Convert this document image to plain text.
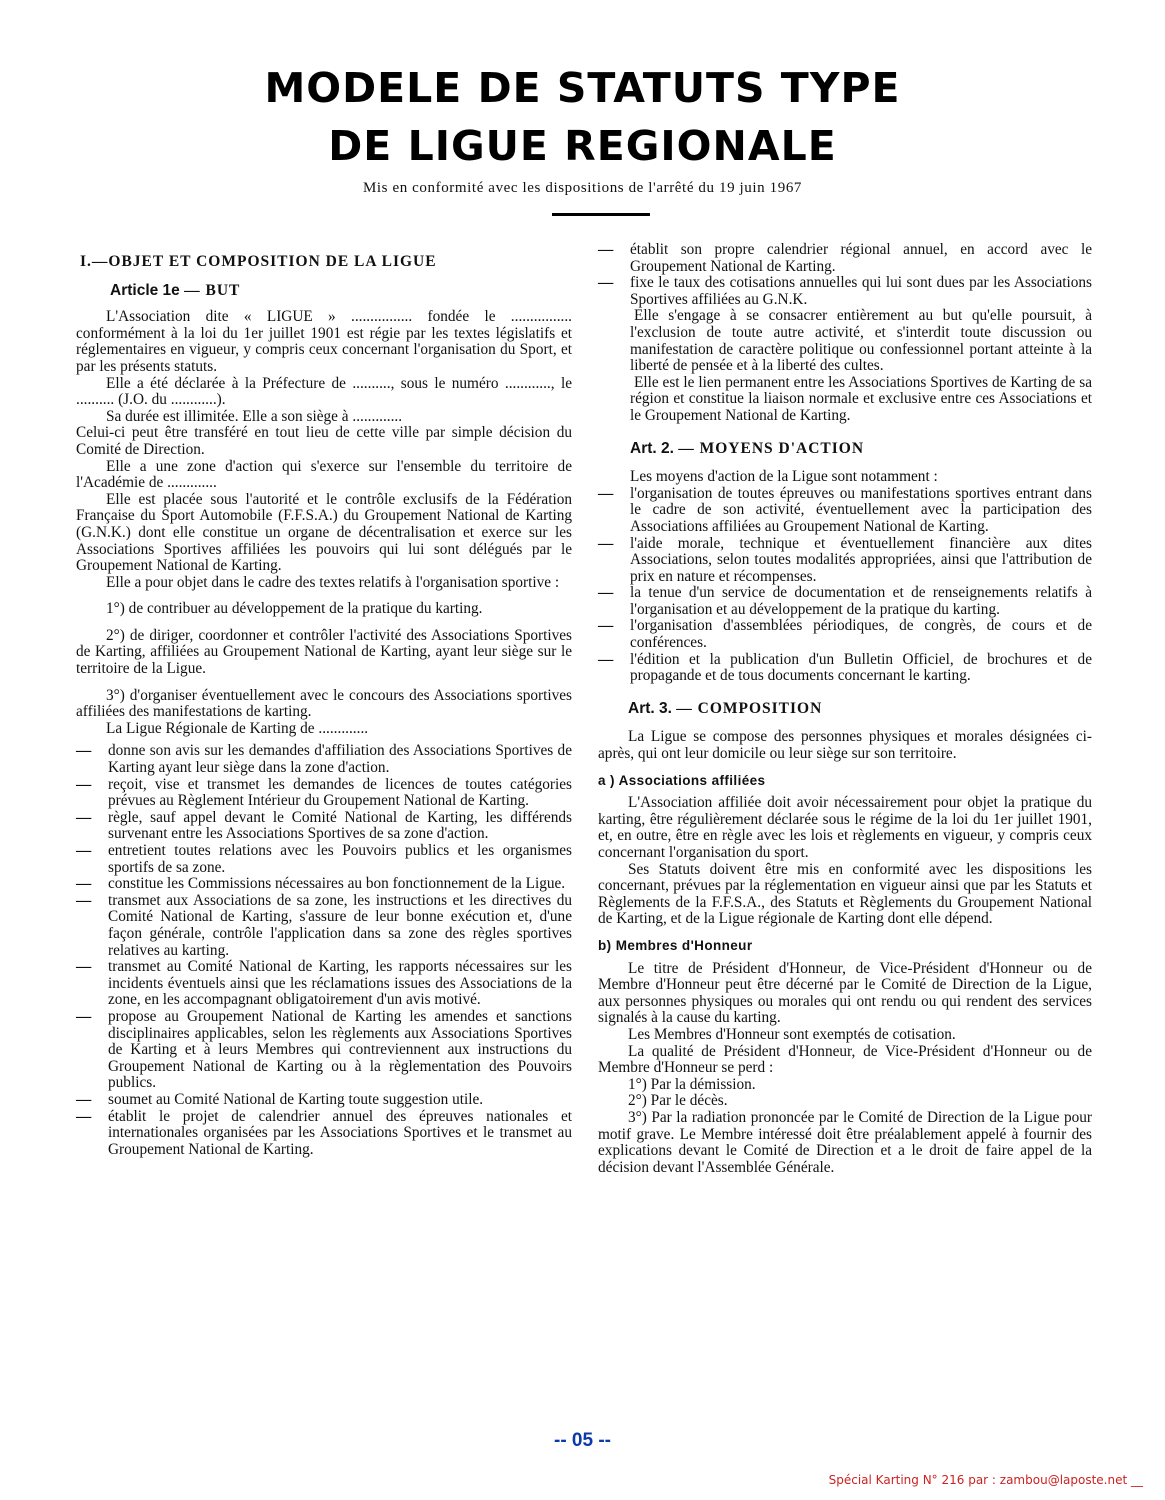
MODELE DE STATUTS TYPE
DE LIGUE REGIONALE
Mis en conformité avec les dispositions de l'arrêté du 19 juin 1967

I.—OBJET ET COMPOSITION DE LA LIGUE

Article 1e — BUT

L'Association dite « LIGUE » ................ fondée le ................ conformément à la loi du 1er juillet 1901 est régie par les textes législatifs et réglementaires en vigueur, y compris ceux concernant l'organisation du Sport, et par les présents statuts.

Elle a été déclarée à la Préfecture de .........., sous le numéro ............, le .......... (J.O. du ............).

Sa durée est illimitée. Elle a son siège à .............

Celui-ci peut être transféré en tout lieu de cette ville par simple décision du Comité de Direction.

Elle a une zone d'action qui s'exerce sur l'ensemble du territoire de l'Académie de .............

Elle est placée sous l'autorité et le contrôle exclusifs de la Fédération Française du Sport Automobile (F.F.S.A.) du Groupement National de Karting (G.N.K.) dont elle constitue un organe de décentralisation et exerce sur les Associations Sportives affiliées les pouvoirs qui lui sont délégués par le Groupement National de Karting.

Elle a pour objet dans le cadre des textes relatifs à l'organisation sportive :

1°) de contribuer au développement de la pratique du karting.

2°) de diriger, coordonner et contrôler l'activité des Associations Sportives de Karting, affiliées au Groupement National de Karting, ayant leur siège sur le territoire de la Ligue.

3°) d'organiser éventuellement avec le concours des Associations sportives affiliées des manifestations de karting.

La Ligue Régionale de Karting de .............

—	donne son avis sur les demandes d'affiliation des Associations Sportives de Karting ayant leur siège dans la zone d'action.
—	reçoit, vise et transmet les demandes de licences de toutes catégories prévues au Règlement Intérieur du Groupement National de Karting.
—	règle, sauf appel devant le Comité National de Karting, les différends survenant entre les Associations Sportives de sa zone d'action.
—	entretient toutes relations avec les Pouvoirs publics et les organismes sportifs de sa zone.
—	constitue les Commissions nécessaires au bon fonctionnement de la Ligue.
—	transmet aux Associations de sa zone, les instructions et les directives du Comité National de Karting, s'assure de leur bonne exécution et, d'une façon générale, contrôle l'application dans sa zone des règles sportives relatives au karting.
—	transmet au Comité National de Karting, les rapports nécessaires sur les incidents éventuels ainsi que les réclamations issues des Associations de la zone, en les accompagnant obligatoirement d'un avis motivé.
—	propose au Groupement National de Karting les amendes et sanctions disciplinaires applicables, selon les règlements aux Associations Sportives de Karting et à leurs Membres qui contreviennent aux instructions du Groupement National de Karting ou à la règlementation des Pouvoirs publics.
—	soumet au Comité National de Karting toute suggestion utile.
—	établit le projet de calendrier annuel des épreuves nationales et internationales organisées par les Associations Sportives et le transmet au Groupement National de Karting.
—	établit son propre calendrier régional annuel, en accord avec le Groupement National de Karting.
—	fixe le taux des cotisations annuelles qui lui sont dues par les Associations Sportives affiliées au G.N.K.

Elle s'engage à se consacrer entièrement au but qu'elle poursuit, à l'exclusion de toute autre activité, et s'interdit toute discussion ou manifestation de caractère politique ou confessionnel portant atteinte à la liberté de pensée et à la liberté des cultes.

Elle est le lien permanent entre les Associations Sportives de Karting de sa région et constitue la liaison normale et exclusive entre ces Associations et le Groupement National de Karting.

Art. 2. — MOYENS D'ACTION

Les moyens d'action de la Ligue sont notamment :

—	l'organisation de toutes épreuves ou manifestations sportives entrant dans le cadre de son activité, éventuellement avec la participation des Associations affiliées au Groupement National de Karting.
—	l'aide morale, technique et éventuellement financière aux dites Associations, selon toutes modalités appropriées, ainsi que l'attribution de prix en nature et récompenses.
—	la tenue d'un service de documentation et de renseignements relatifs à l'organisation et au développement de la pratique du karting.
—	l'organisation d'assemblées périodiques, de congrès, de cours et de conférences.
—	l'édition et la publication d'un Bulletin Officiel, de brochures et de propagande et de tous documents concernant le karting.

Art. 3. — COMPOSITION

La Ligue se compose des personnes physiques et morales désignées ci-après, qui ont leur domicile ou leur siège sur son territoire.

a ) Associations affiliées

L'Association affiliée doit avoir nécessairement pour objet la pratique du karting, être régulièrement déclarée sous le régime de la loi du 1er juillet 1901, et, en outre, être en règle avec les lois et règlements en vigueur, y compris ceux concernant l'organisation du sport.

Ses Statuts doivent être mis en conformité avec les dispositions les concernant, prévues par la réglementation en vigueur ainsi que par les Statuts et Règlements de la F.F.S.A., des Statuts et Règlements du Groupement National de Karting, et de la Ligue régionale de Karting dont elle dépend.

b) Membres d'Honneur

Le titre de Président d'Honneur, de Vice-Président d'Honneur ou de Membre d'Honneur peut être décerné par le Comité de Direction de la Ligue, aux personnes physiques ou morales qui ont rendu ou qui rendent des services signalés à la cause du karting.

Les Membres d'Honneur sont exemptés de cotisation.

La qualité de Président d'Honneur, de Vice-Président d'Honneur ou de Membre d'Honneur se perd :

1°) Par la démission.

2°) Par le décès.

3°) Par la radiation prononcée par le Comité de Direction de la Ligue pour motif grave. Le Membre intéressé doit être préalablement appelé à fournir des explications devant le Comité de Direction et a le droit de faire appel de la décision devant l'Assemblée Générale.

-- 05 --
Spécial Karting N° 216 par : zambou@laposte.net __
